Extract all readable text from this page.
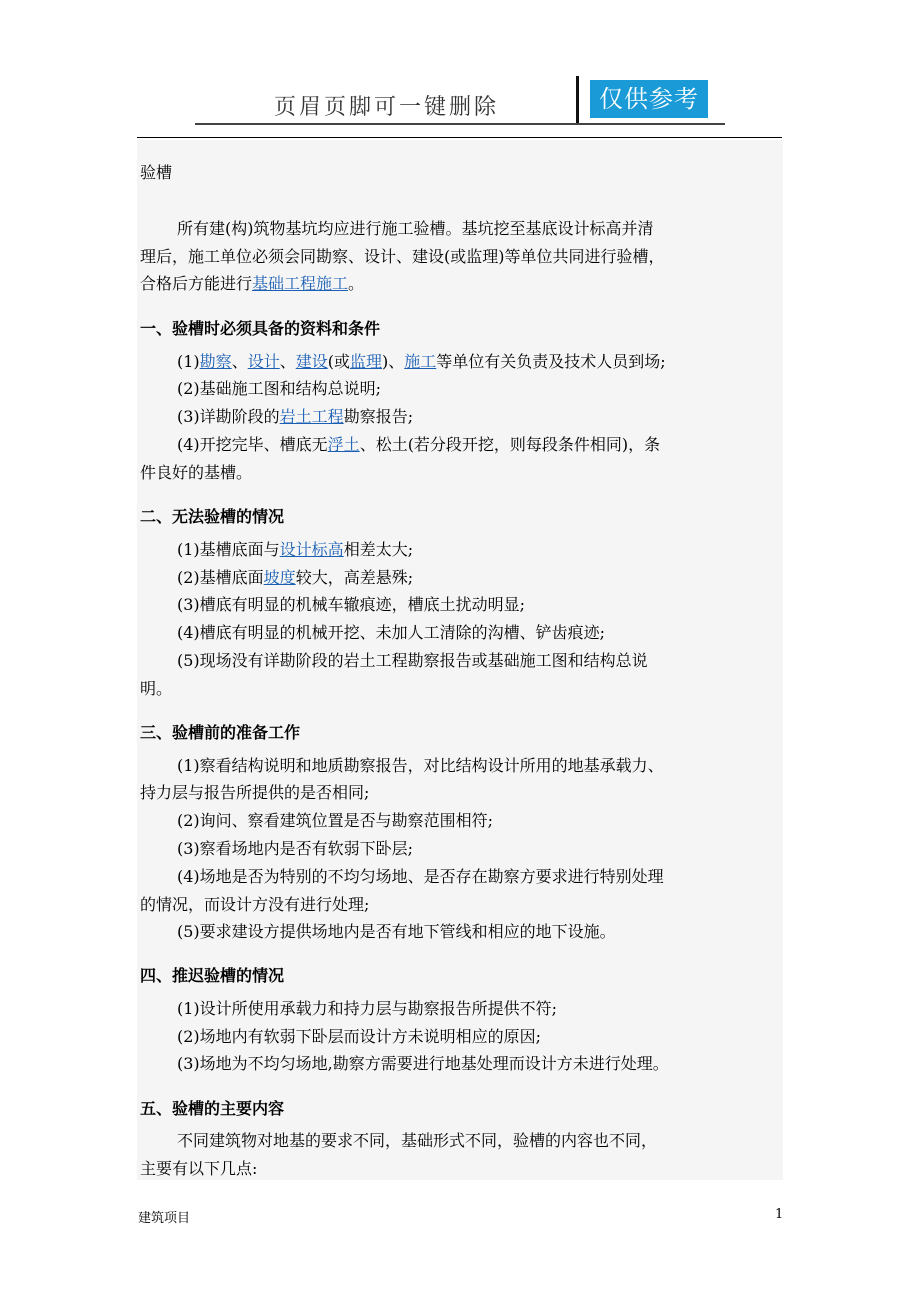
页眉页脚可一键删除	仅供参考
验槽
所有建(构)筑物基坑均应进行施工验槽。基坑挖至基底设计标高并清
理后，施工单位必须会同勘察、设计、建设(或监理)等单位共同进行验槽，
合格后方能进行基础工程施工。
一、验槽时必须具备的资料和条件
(1)勘察、设计、建设(或监理)、施工等单位有关负责及技术人员到场;
(2)基础施工图和结构总说明;
(3)详勘阶段的岩土工程勘察报告;
(4)开挖完毕、槽底无浮土、松土(若分段开挖，则每段条件相同)，条
件良好的基槽。
二、无法验槽的情况
(1)基槽底面与设计标高相差太大;
(2)基槽底面坡度较大，高差悬殊;
(3)槽底有明显的机械车辙痕迹，槽底土扰动明显;
(4)槽底有明显的机械开挖、未加人工清除的沟槽、铲齿痕迹;
(5)现场没有详勘阶段的岩土工程勘察报告或基础施工图和结构总说
明。
三、验槽前的准备工作
(1)察看结构说明和地质勘察报告，对比结构设计所用的地基承载力、
持力层与报告所提供的是否相同;
(2)询问、察看建筑位置是否与勘察范围相符;
(3)察看场地内是否有软弱下卧层;
(4)场地是否为特别的不均匀场地、是否存在勘察方要求进行特别处理
的情况，而设计方没有进行处理;
(5)要求建设方提供场地内是否有地下管线和相应的地下设施。
四、推迟验槽的情况
(1)设计所使用承载力和持力层与勘察报告所提供不符;
(2)场地内有软弱下卧层而设计方未说明相应的原因;
(3)场地为不均匀场地,勘察方需要进行地基处理而设计方未进行处理。
五、验槽的主要内容
不同建筑物对地基的要求不同，基础形式不同，验槽的内容也不同，
主要有以下几点:
建筑项目	1
